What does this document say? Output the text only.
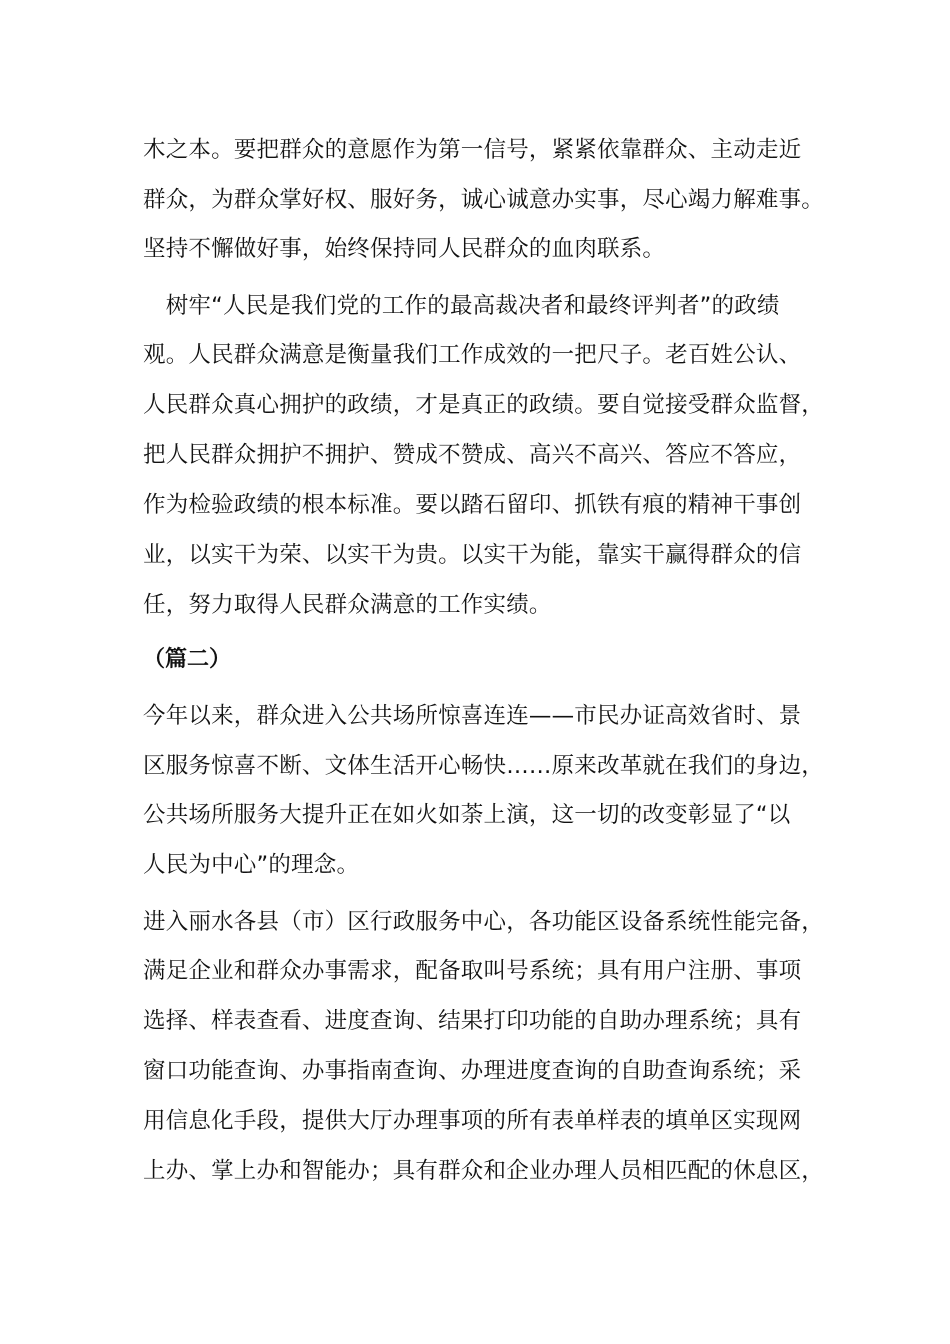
木之本。要把群众的意愿作为第一信号，紧紧依靠群众、主动走近
群众，为群众掌好权、服好务，诚心诚意办实事，尽心竭力解难事。
坚持不懈做好事，始终保持同人民群众的血肉联系。
　树牢“人民是我们党的工作的最高裁决者和最终评判者”的政绩
观。人民群众满意是衡量我们工作成效的一把尺子。老百姓公认、
人民群众真心拥护的政绩，才是真正的政绩。要自觉接受群众监督，
把人民群众拥护不拥护、赞成不赞成、高兴不高兴、答应不答应，
作为检验政绩的根本标准。要以踏石留印、抓铁有痕的精神干事创
业，以实干为荣、以实干为贵。以实干为能，靠实干赢得群众的信
任，努力取得人民群众满意的工作实绩。
（篇二）
今年以来，群众进入公共场所惊喜连连——市民办证高效省时、景
区服务惊喜不断、文体生活开心畅快……原来改革就在我们的身边，
公共场所服务大提升正在如火如荼上演，这一切的改变彰显了“以
人民为中心”的理念。
进入丽水各县（市）区行政服务中心，各功能区设备系统性能完备，
满足企业和群众办事需求，配备取叫号系统；具有用户注册、事项
选择、样表查看、进度查询、结果打印功能的自助办理系统；具有
窗口功能查询、办事指南查询、办理进度查询的自助查询系统；采
用信息化手段，提供大厅办理事项的所有表单样表的填单区实现网
上办、掌上办和智能办；具有群众和企业办理人员相匹配的休息区，
